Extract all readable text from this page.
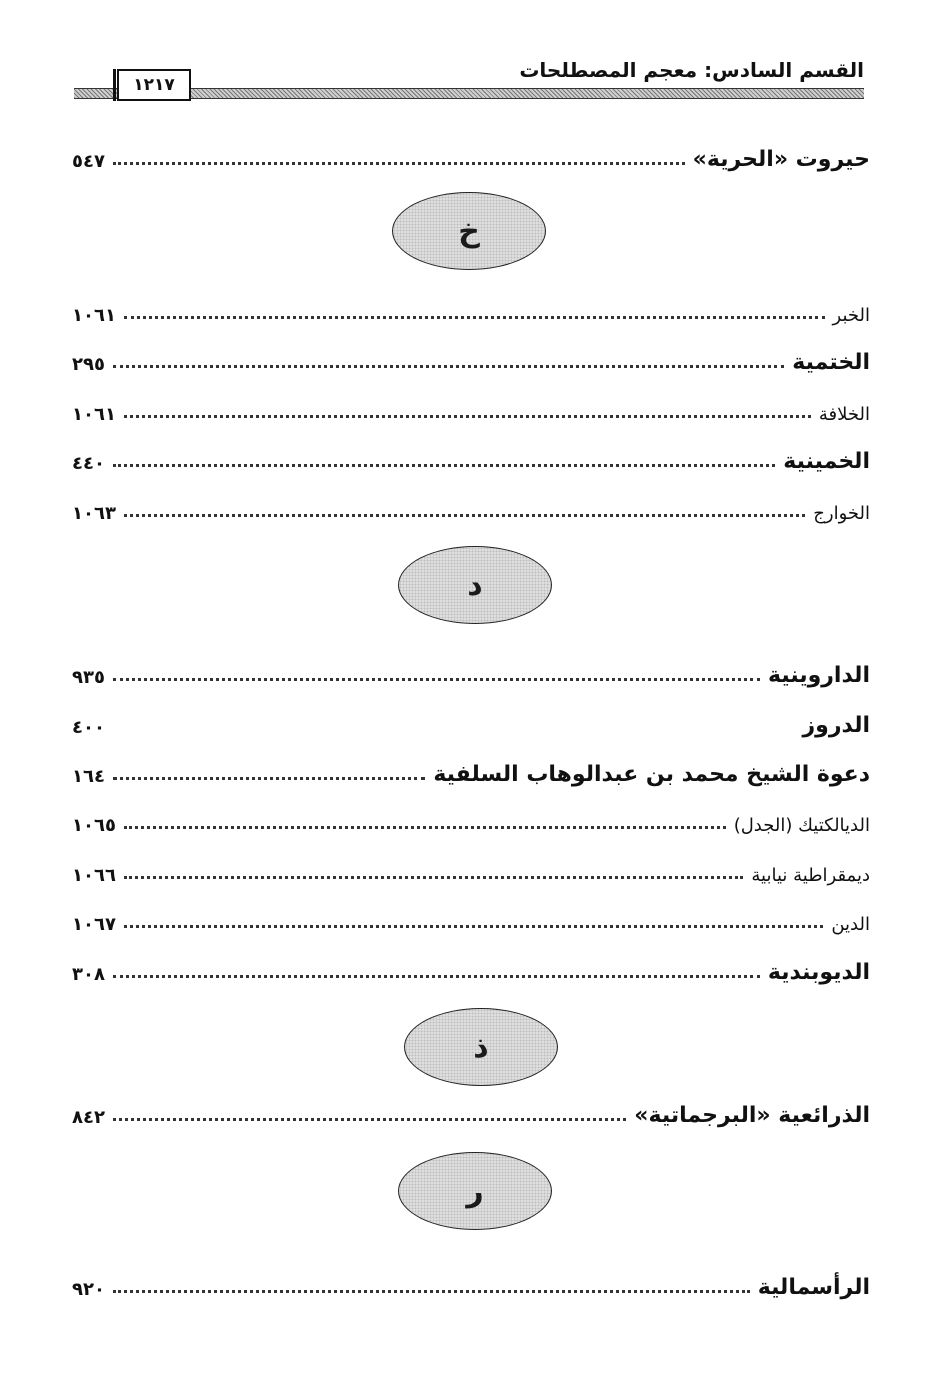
القسم السادس: معجم المصطلحات
١٢١٧
حيروت «الحرية»
٥٤٧
خ
الخبر
١٠٦١
الختمية
٢٩٥
الخلافة
١٠٦١
الخمينية
٤٤٠
الخوارج
١٠٦٣
د
الداروينية
٩٣٥
الدروز
٤٠٠
دعوة الشيخ محمد بن عبدالوهاب السلفية
١٦٤
الديالكتيك (الجدل)
١٠٦٥
ديمقراطية نيابية
١٠٦٦
الدين
١٠٦٧
الديوبندية
٣٠٨
ذ
الذرائعية «البرجماتية»
٨٤٢
ر
الرأسمالية
٩٢٠
